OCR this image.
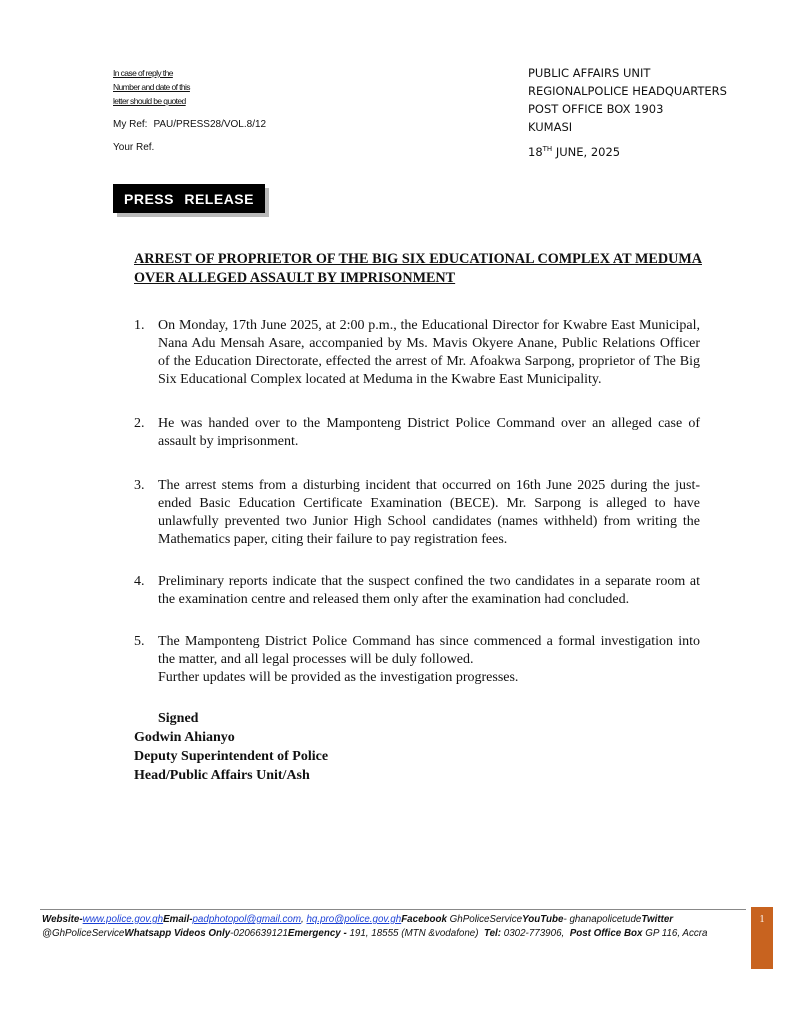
In case of reply the
Number and date of this
letter should be quoted
My Ref: PAU/PRESS28/VOL.8/12
Your Ref.
PUBLIC AFFAIRS UNIT
REGIONALPOLICE HEADQUARTERS
POST OFFICE BOX 1903
KUMASI
18TH JUNE, 2025
PRESS RELEASE
ARREST OF PROPRIETOR OF THE BIG SIX EDUCATIONAL COMPLEX AT MEDUMA OVER ALLEGED ASSAULT BY IMPRISONMENT
1. On Monday, 17th June 2025, at 2:00 p.m., the Educational Director for Kwabre East Municipal, Nana Adu Mensah Asare, accompanied by Ms. Mavis Okyere Anane, Public Relations Officer of the Education Directorate, effected the arrest of Mr. Afoakwa Sarpong, proprietor of The Big Six Educational Complex located at Meduma in the Kwabre East Municipality.
2. He was handed over to the Mamponteng District Police Command over an alleged case of assault by imprisonment.
3. The arrest stems from a disturbing incident that occurred on 16th June 2025 during the just-ended Basic Education Certificate Examination (BECE). Mr. Sarpong is alleged to have unlawfully prevented two Junior High School candidates (names withheld) from writing the Mathematics paper, citing their failure to pay registration fees.
4. Preliminary reports indicate that the suspect confined the two candidates in a separate room at the examination centre and released them only after the examination had concluded.
5. The Mamponteng District Police Command has since commenced a formal investigation into the matter, and all legal processes will be duly followed.
Further updates will be provided as the investigation progresses.
Signed
Godwin Ahianyo
Deputy Superintendent of Police
Head/Public Affairs Unit/Ash
Website-www.police.gov.ghEmail-padphotopol@gmail.com, hq.pro@police.gov.ghFacebook GhPoliceServiceYouTube- ghanapolicetudeTwitter
@GhPoliceServiceWhatsapp Videos Only-0206639121Emergency - 191, 18555 (MTN &vodafone) Tel: 0302-773906, Post Office Box GP 116, Accra
1
